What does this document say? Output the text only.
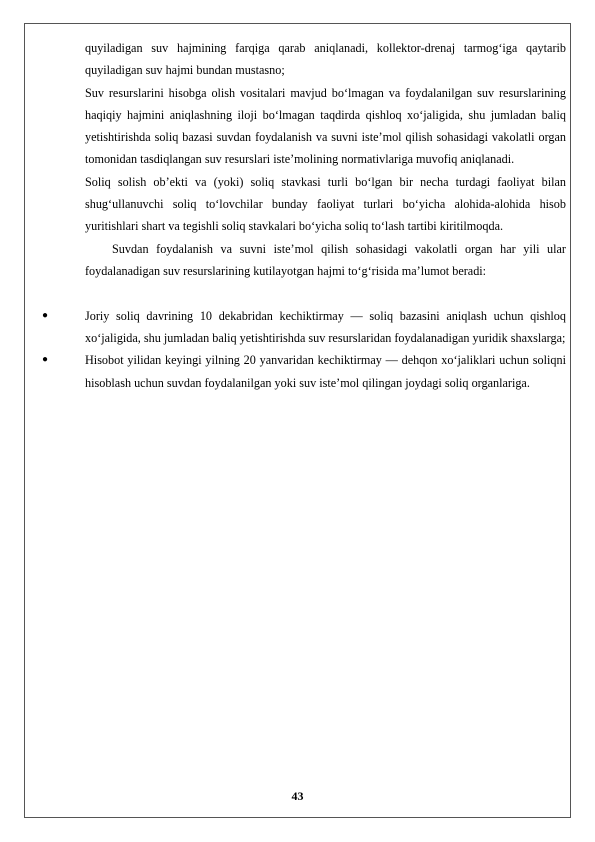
quyiladigan suv hajmining farqiga qarab aniqlanadi, kollektor-drenaj tarmog‘iga qaytarib quyiladigan suv hajmi bundan mustasno;

Suv resurslarini hisobga olish vositalari mavjud bo‘lmagan va foydalanilgan suv resurslarining haqiqiy hajmini aniqlashning iloji bo‘lmagan taqdirda qishloq xo‘jaligida, shu jumladan baliq yetishtirishda soliq bazasi suvdan foydalanish va suvni iste’mol qilish sohasidagi vakolatli organ tomonidan tasdiqlangan suv resurslari iste’molining normativlariga muvofiq aniqlanadi.

Soliq solish ob’ekti va (yoki) soliq stavkasi turli bo‘lgan bir necha turdagi faoliyat bilan shug‘ullanuvchi soliq to‘lovchilar bunday faoliyat turlari bo‘yicha alohida-alohida hisob yuritishlari shart va tegishli soliq stavkalari bo‘yicha soliq to‘lash tartibi kiritilmoqda.

Suvdan foydalanish va suvni iste’mol qilish sohasidagi vakolatli organ har yili ular foydalanadigan suv resurslarining kutilayotgan hajmi to‘g‘risida ma’lumot beradi:

●	Joriy soliq davrining 10 dekabridan kechiktirmay — soliq bazasini aniqlash uchun qishloq xo‘jaligida, shu jumladan baliq yetishtirishda suv resurslaridan foydalanadigan yuridik shaxslarga;
●	Hisobot yilidan keyingi yilning 20 yanvaridan kechiktirmay — dehqon xo‘jaliklari uchun soliqni hisoblash uchun suvdan foydalanilgan yoki suv iste’mol qilingan joydagi soliq organlariga.
43
